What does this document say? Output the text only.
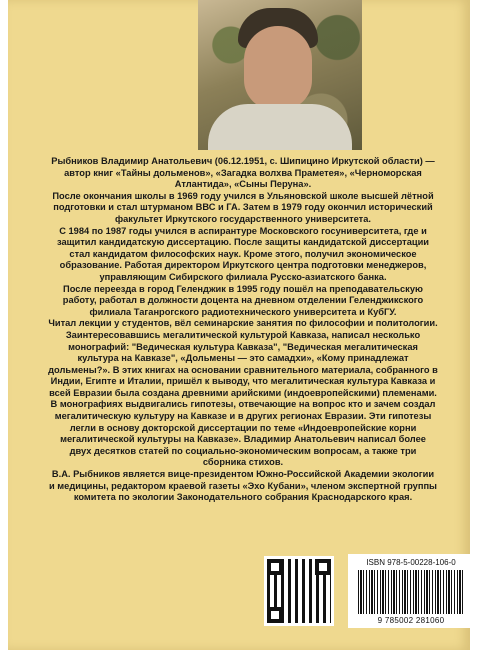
Рыбников Владимир Анатольевич (06.12.1951, с. Шипицино Иркутской области) — автор книг «Тайны дольменов», «Загадка волхва Праметея», «Черноморская Атлантида», «Сыны Перуна».

После окончания школы в 1969 году учился в Ульяновской школе высшей лётной подготовки и стал штурманом ВВС и ГА. Затем в 1979 году окончил исторический факультет Иркутского государственного университета.

С 1984 по 1987 годы учился в аспирантуре Московского госуниверситета, где и защитил кандидатскую диссертацию. После защиты кандидатской диссертации стал кандидатом философских наук. Кроме этого, получил экономическое образование. Работая директором Иркутского центра подготовки менеджеров, управляющим Сибирского филиала Русско-азиатского банка.

После переезда в город Геленджик в 1995 году пошёл на преподавательскую работу, работал в должности доцента на дневном отделении Геленджикского филиала Таганрогского радиотехнического университета и КубГУ.

Читал лекции у студентов, вёл семинарские занятия по философии и политологии. Заинтересовавшись мегалитической культурой Кавказа, написал несколько монографий: "Ведическая культура Кавказа", "Ведическая мегалитическая культура на Кавказе", «Дольмены — это самадхи», «Кому принадлежат дольмены?». В этих книгах на основании сравнительного материала, собранного в Индии, Египте и Италии, пришёл к выводу, что мегалитическая культура Кавказа и всей Евразии была создана древними арийскими (индоевропейскими) племенами.

В монографиях выдвигались гипотезы, отвечающие на вопрос кто и зачем создал мегалитическую культуру на Кавказе и в других регионах Евразии. Эти гипотезы легли в основу докторской диссертации по теме «Индоевропейские корни мегалитической культуры на Кавказе». Владимир Анатольевич написал более двух десятков статей по социально-экономическим вопросам, а также три сборника стихов.

В.А. Рыбников является вице-президентом Южно-Российской Академии экологии и медицины, редактором краевой газеты «Эхо Кубани», членом экспертной группы комитета по экологии Законодательного собрания Краснодарского края.

ISBN 978-5-00228-106-0
9 785002 281060
